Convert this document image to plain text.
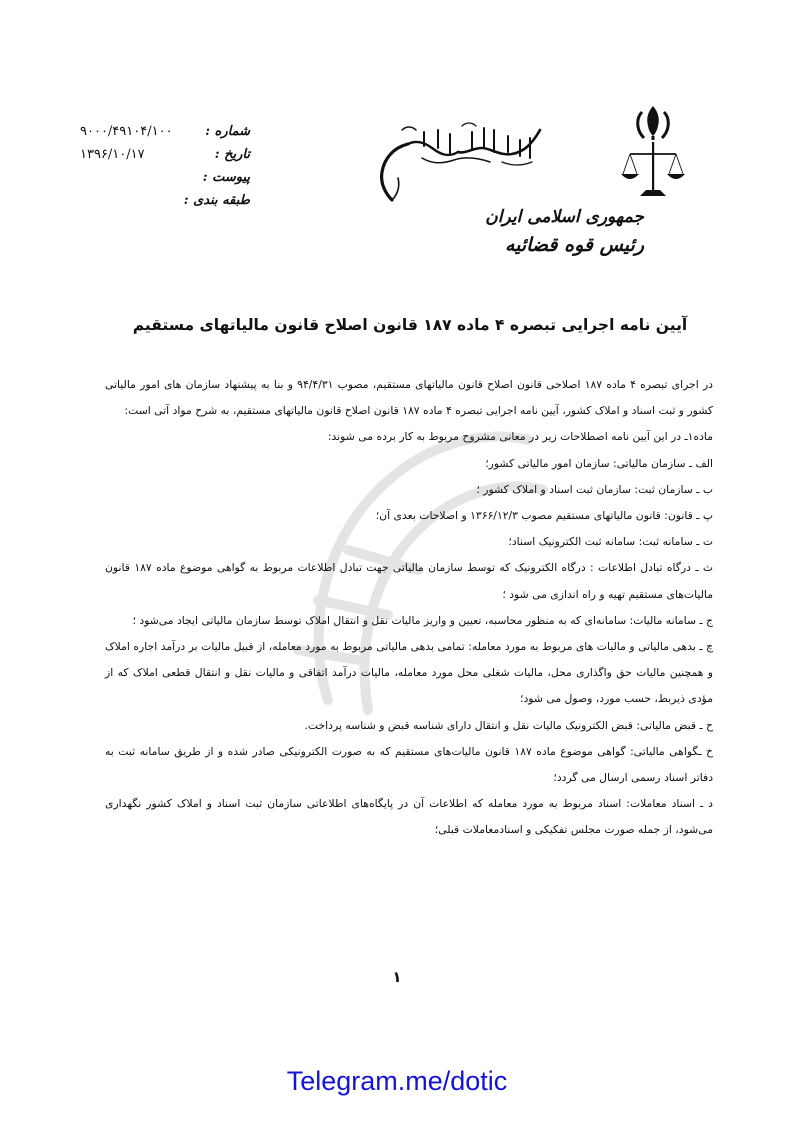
جمهوری اسلامی ایران
رئیس قوه قضائیه
شماره :
۹۰۰۰/۴۹۱۰۴/۱۰۰
تاریخ :
۱۳۹۶/۱۰/۱۷
پیوست :
طبقه بندی :
آیین نامه اجرایی تبصره ۴ ماده ۱۸۷ قانون اصلاح قانون مالیاتهای مستقیم

در اجرای تبصره ۴ ماده ۱۸۷ اصلاحی قانون اصلاح قانون مالیاتهای مستقیم، مصوب ۹۴/۴/۳۱ و بنا به پیشنهاد سازمان های امور مالیاتی کشور و ثبت اسناد و املاک کشور، آیین نامه اجرایی تبصره ۴ ماده ۱۸۷ قانون اصلاح قانون مالیاتهای مستقیم، به شرح مواد آتی است:

ماده۱ـ در این آیین نامه اصطلاحات زیر در معانی مشروح مربوط به کار برده می شوند:

الف ـ سازمان مالیاتی: سازمان امور مالیاتی کشور؛

ب ـ سازمان ثبت: سازمان ثبت اسناد و املاک کشور ؛

پ ـ قانون: قانون مالیاتهای مستقیم مصوب ۱۳۶۶/۱۲/۳ و اصلاحات بعدی آن؛

ت ـ سامانه ثبت: سامانه ثبت الکترونیک اسناد؛

ث ـ درگاه تبادل اطلاعات : درگاه الکترونیک که توسط سازمان مالیاتی جهت تبادل اطلاعات مربوط به گواهی موضوع ماده ۱۸۷ قانون مالیات‌های مستقیم تهیه و راه اندازی می شود ؛

ج ـ سامانه مالیات: سامانه‌ای که به منظور محاسبه، تعیین و واریز مالیات نقل و انتقال املاک توسط سازمان مالیاتی ایجاد می‌شود ؛

چ ـ بدهی مالیاتی و مالیات های مربوط به مورد معامله: تمامی بدهی مالیاتی مربوط به مورد معامله، از قبیل مالیات بر درآمد اجاره املاک و همچنین مالیات حق واگذاری محل، مالیات شغلی محل مورد معامله، مالیات درآمد اتفاقی و مالیات نقل و انتقال قطعی املاک که از مؤدی ذیربط، حسب مورد، وصول می شود؛

ح ـ قبض مالیاتی: قبض الکترونیک مالیات نقل و انتقال دارای شناسه قبض و شناسه پرداخت.

خ ـگواهی مالیاتی: گواهی موضوع ماده ۱۸۷ قانون مالیات‌های مستقیم که به صورت الکترونیکی صادر شده و از طریق سامانه ثبت به دفاتر اسناد رسمی ارسال می گردد؛

د ـ اسناد معاملات: اسناد مربوط به مورد معامله که اطلاعات آن در پایگاه‌های اطلاعاتی سازمان ثبت اسناد و املاک کشور نگهداری می‌شود، از جمله صورت مجلس تفکیکی و اسنادمعاملات قبلی؛

۱
Telegram.me/dotic
